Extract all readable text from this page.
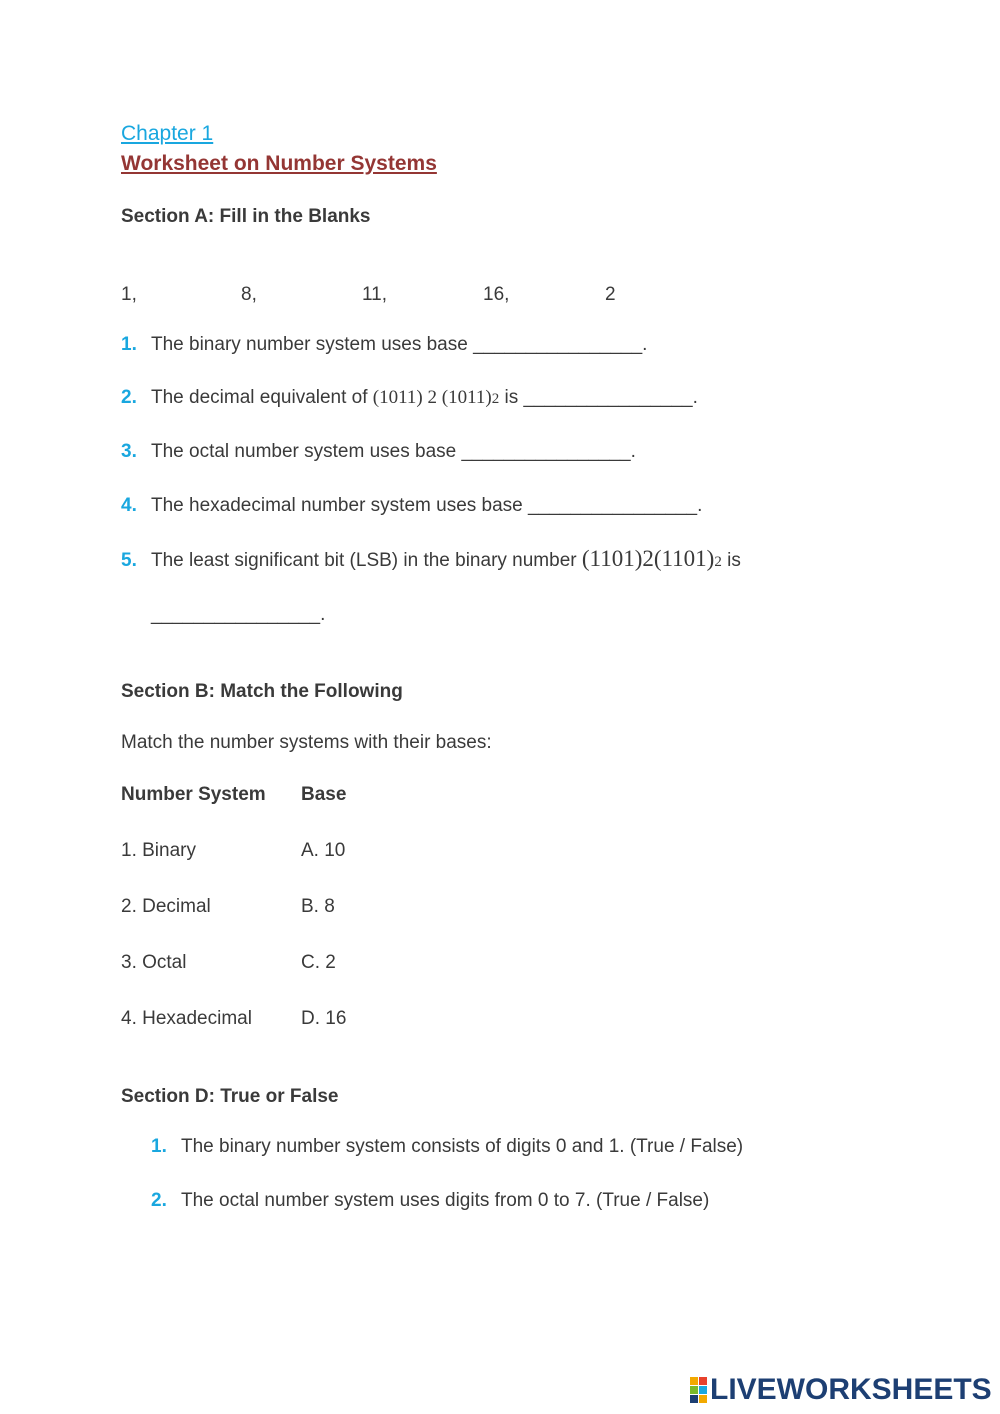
Chapter 1
Worksheet on Number Systems
Section A: Fill in the Blanks
1,	8,	11,	16,	2
1. The binary number system uses base ________________.
2. The decimal equivalent of (1011) 2 (1011)2 is ________________.
3. The octal number system uses base ________________.
4. The hexadecimal number system uses base ________________.
5. The least significant bit (LSB) in the binary number (1101)2(1101)2 is
________________.
Section B: Match the Following
Match the number systems with their bases:
Number System Base
1. Binary	A. 10
2. Decimal	B. 8
3. Octal	C. 2
4. Hexadecimal	D. 16
Section D: True or False
1. The binary number system consists of digits 0 and 1. (True / False)
2. The octal number system uses digits from 0 to 7. (True / False)
LIVEWORKSHEETS
